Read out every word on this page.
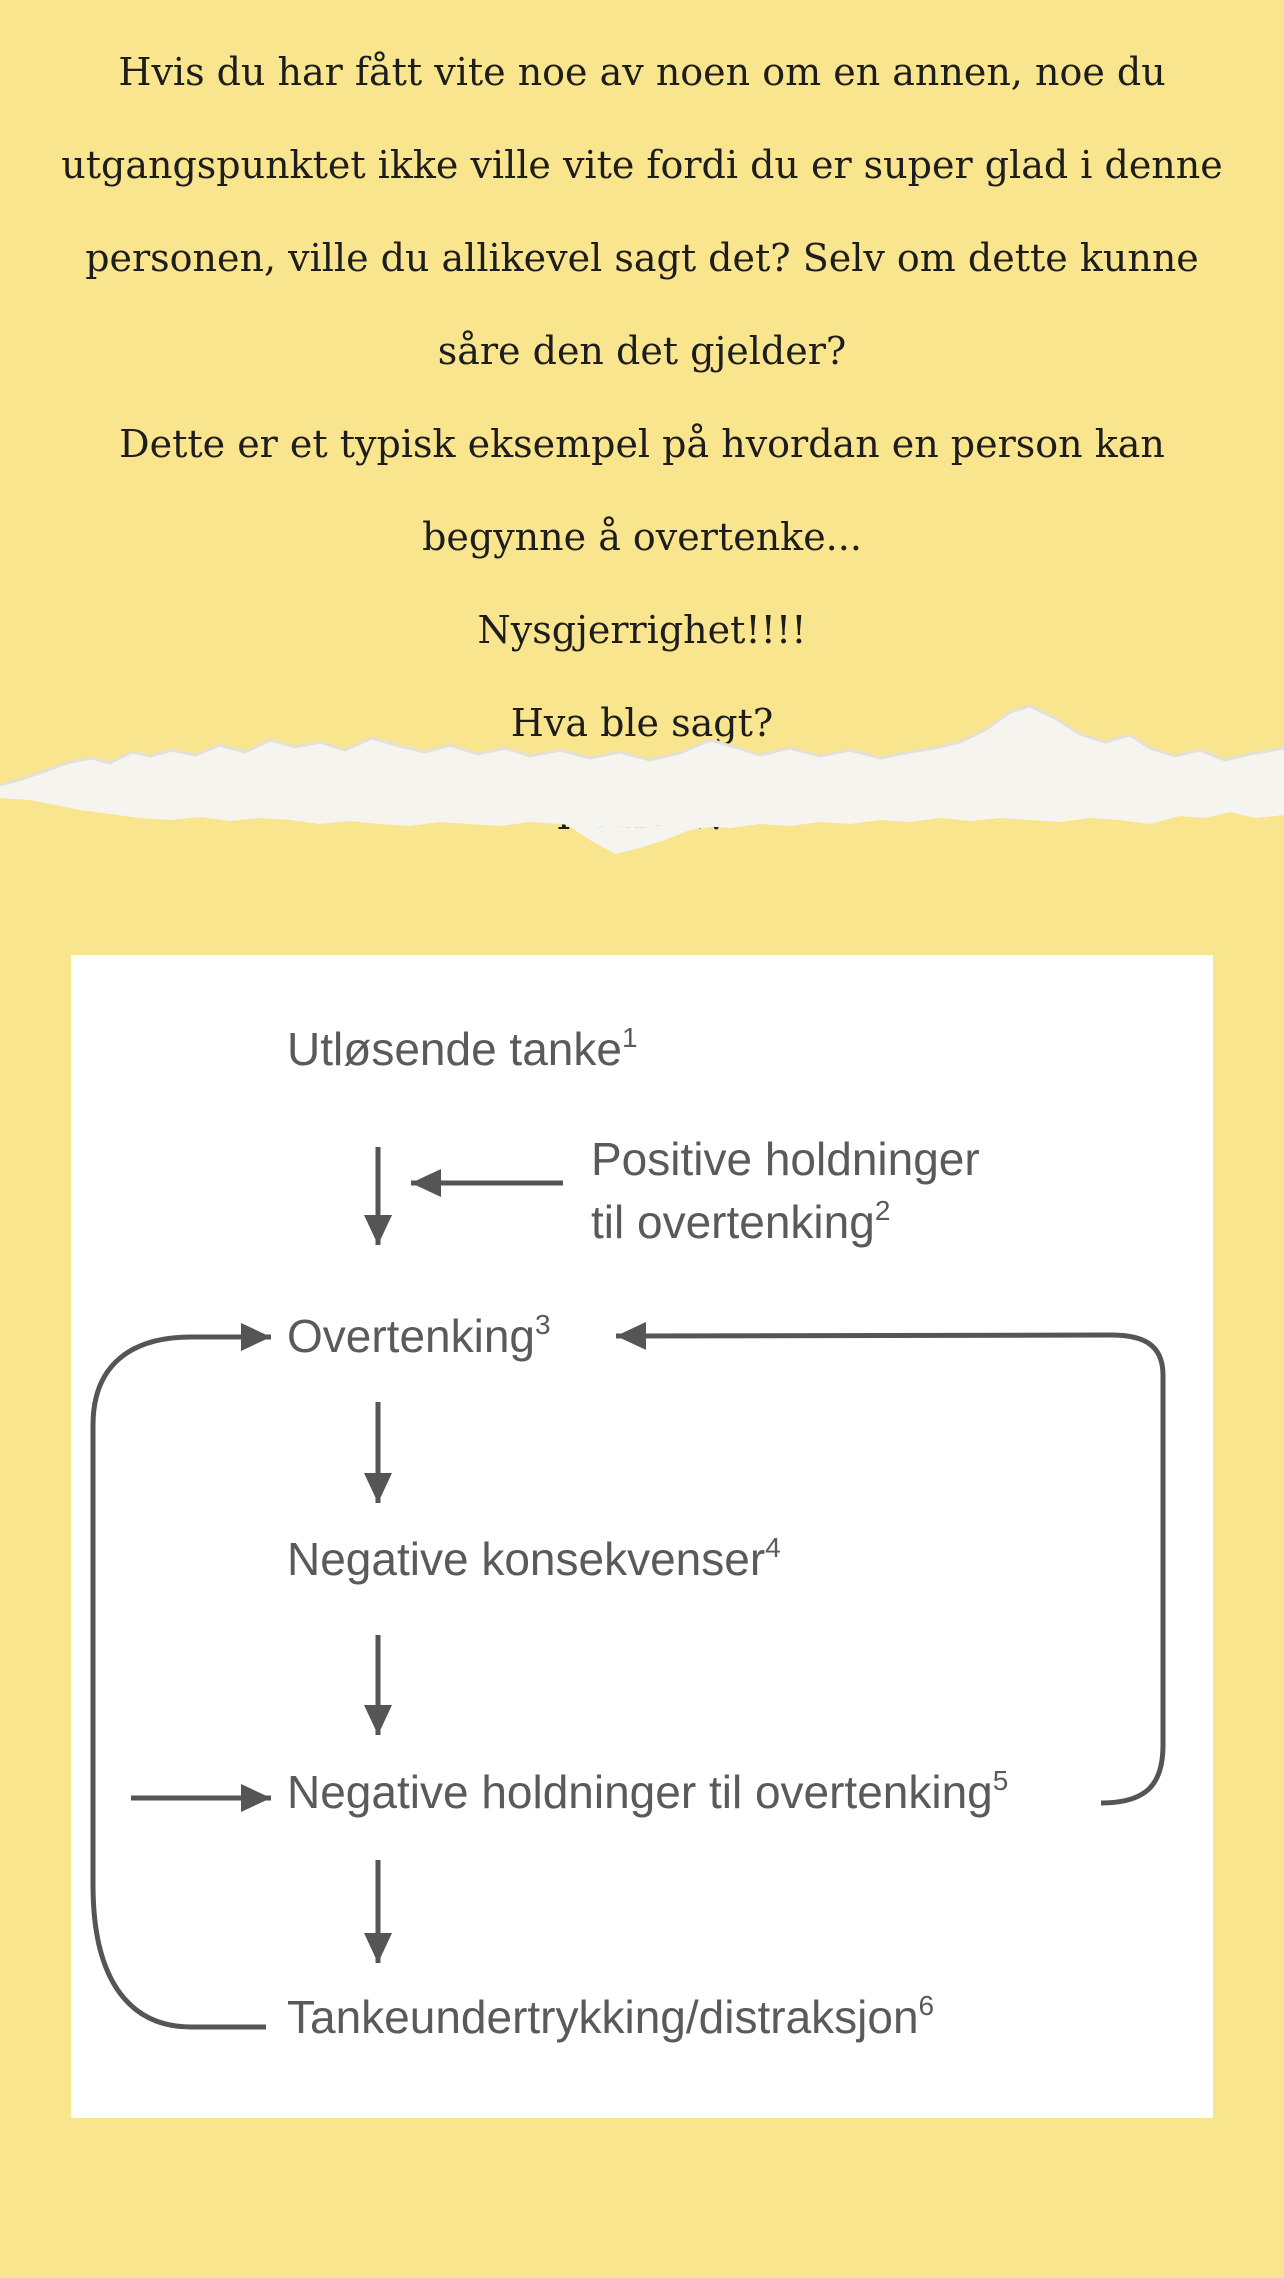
Hvis du har fått vite noe av noen om en annen, noe du utgangspunktet ikke ville vite fordi du er super glad i denne personen, ville du allikevel sagt det? Selv om dette kunne såre den det gjelder?

Dette er et typisk eksempel på hvordan en person kan begynne å overtenke...

Nysgjerrighet!!!!

Hva ble sagt?

Utløsende tanke$^1$
Positive holdninger
til overtenking$^2$
Overtenking$^3$
Negative konsekvenser$^4$
Negative holdninger til overtenking$^5$
Tankeundertrykking/distraksjon$^6$
